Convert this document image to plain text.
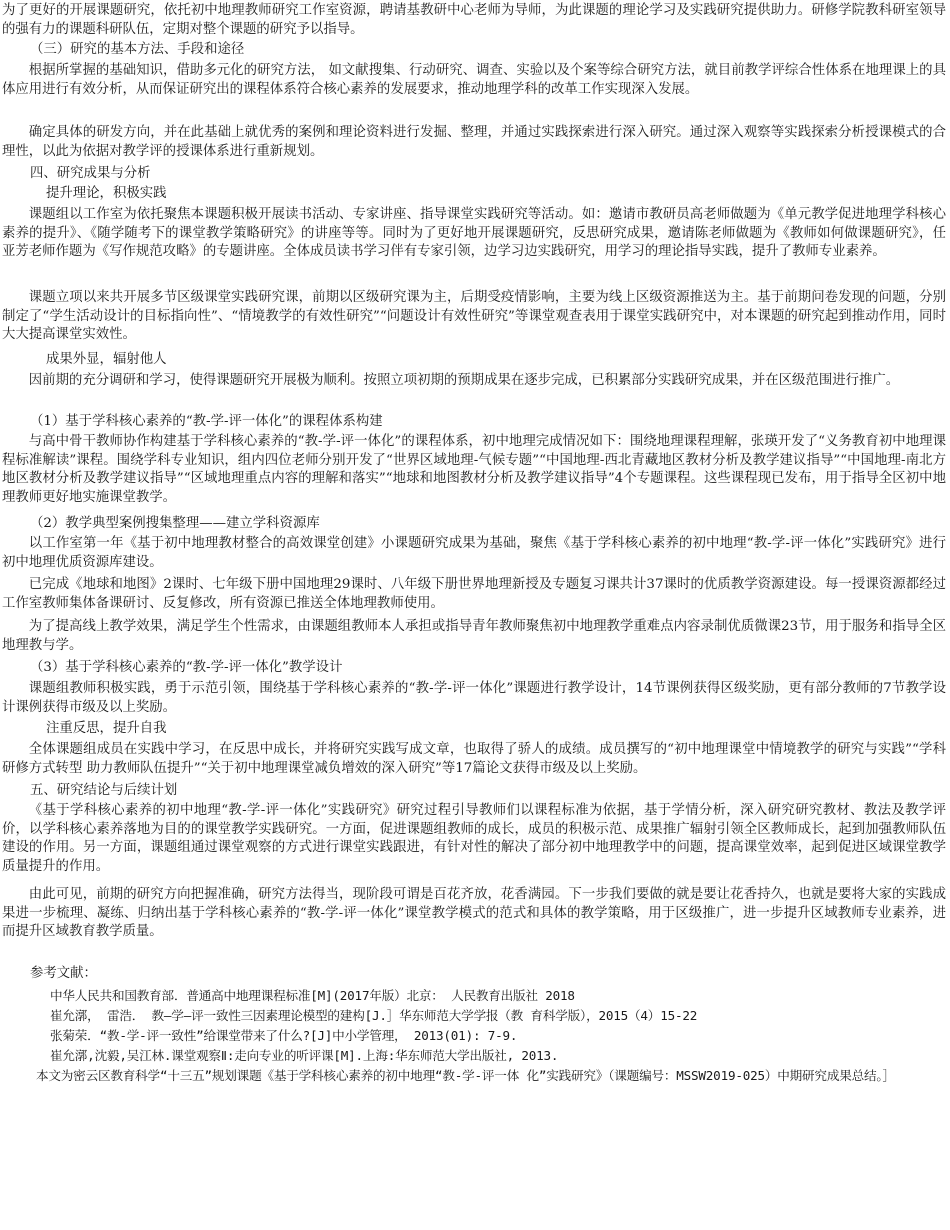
为了更好的开展课题研究，依托初中地理教师研究工作室资源，聘请基教研中心老师为导师，为此课题的理论学习及实践研究提供助力。研修学院教科研室领导的强有力的课题科研队伍，定期对整个课题的研究予以指导。

（三）研究的基本方法、手段和途径

根据所掌握的基础知识，借助多元化的研究方法， 如文献搜集、行动研究、调查、实验以及个案等综合研究方法，就目前教学评综合性体系在地理课上的具体应用进行有效分析，从而保证研究出的课程体系符合核心素养的发展要求，推动地理学科的改革工作实现深入发展。

确定具体的研发方向，并在此基础上就优秀的案例和理论资料进行发掘、整理，并通过实践探索进行深入研究。通过深入观察等实践探索分析授课模式的合理性，以此为依据对教学评的授课体系进行重新规划。

四、研究成果与分析

提升理论，积极实践

课题组以工作室为依托聚焦本课题积极开展读书活动、专家讲座、指导课堂实践研究等活动。如：邀请市教研员高老师做题为《单元教学促进地理学科核心素养的提升》、《随学随考下的课堂教学策略研究》的讲座等等。同时为了更好地开展课题研究，反思研究成果，邀请陈老师做题为《教师如何做课题研究》，任亚芳老师作题为《写作规范攻略》的专题讲座。全体成员读书学习伴有专家引领，边学习边实践研究，用学习的理论指导实践，提升了教师专业素养。

课题立项以来共开展多节区级课堂实践研究课，前期以区级研究课为主，后期受疫情影响，主要为线上区级资源推送为主。基于前期问卷发现的问题，分别制定了“学生活动设计的目标指向性”、“情境教学的有效性研究”“问题设计有效性研究”等课堂观查表用于课堂实践研究中，对本课题的研究起到推动作用，同时大大提高课堂实效性。

成果外显，辐射他人

因前期的充分调研和学习，使得课题研究开展极为顺利。按照立项初期的预期成果在逐步完成，已积累部分实践研究成果，并在区级范围进行推广。

（1）基于学科核心素养的“教-学-评一体化”的课程体系构建

与高中骨干教师协作构建基于学科核心素养的“教-学-评一体化”的课程体系，初中地理完成情况如下：围绕地理课程理解，张瑛开发了“义务教育初中地理课程标准解读”课程。围绕学科专业知识，组内四位老师分别开发了“世界区域地理-气候专题”“中国地理-西北青藏地区教材分析及教学建议指导”“中国地理-南北方地区教材分析及教学建议指导”“区域地理重点内容的理解和落实”“地球和地图教材分析及教学建议指导”4个专题课程。这些课程现已发布，用于指导全区初中地理教师更好地实施课堂教学。

（2）教学典型案例搜集整理——建立学科资源库

以工作室第一年《基于初中地理教材整合的高效课堂创建》小课题研究成果为基础，聚焦《基于学科核心素养的初中地理“教-学-评一体化”实践研究》进行初中地理优质资源库建设。

已完成《地球和地图》2课时、七年级下册中国地理29课时、八年级下册世界地理新授及专题复习课共计37课时的优质教学资源建设。每一授课资源都经过工作室教师集体备课研讨、反复修改，所有资源已推送全体地理教师使用。

为了提高线上教学效果，满足学生个性需求，由课题组教师本人承担或指导青年教师聚焦初中地理教学重难点内容录制优质微课23节，用于服务和指导全区地理教与学。

（3）基于学科核心素养的“教-学-评一体化”教学设计

课题组教师积极实践，勇于示范引领，围绕基于学科核心素养的“教-学-评一体化”课题进行教学设计，14节课例获得区级奖励，更有部分教师的7节教学设计课例获得市级及以上奖励。

注重反思，提升自我

全体课题组成员在实践中学习，在反思中成长，并将研究实践写成文章，也取得了骄人的成绩。成员撰写的“初中地理课堂中情境教学的研究与实践”“学科研修方式转型 助力教师队伍提升”“关于初中地理课堂减负增效的深入研究”等17篇论文获得市级及以上奖励。

五、研究结论与后续计划

《基于学科核心素养的初中地理“教-学-评一体化”实践研究》研究过程引导教师们以课程标准为依据，基于学情分析，深入研究研究教材、教法及教学评价，以学科核心素养落地为目的的课堂教学实践研究。一方面，促进课题组教师的成长，成员的积极示范、成果推广辐射引领全区教师成长，起到加强教师队伍建设的作用。另一方面，课题组通过课堂观察的方式进行课堂实践跟进，有针对性的解决了部分初中地理教学中的问题，提高课堂效率，起到促进区域课堂教学质量提升的作用。

由此可见，前期的研究方向把握准确，研究方法得当，现阶段可谓是百花齐放，花香满园。下一步我们要做的就是要让花香持久，也就是要将大家的实践成果进一步梳理、凝练、归纳出基于学科核心素养的“教-学-评一体化”课堂教学模式的范式和具体的教学策略，用于区级推广，进一步提升区域教师专业素养，进而提升区域教育教学质量。

参考文献：

中华人民共和国教育部．普通高中地理课程标准[M](2017年版）北京： 人民教育出版社 2018

崔允漷， 雷浩． 教—学—评一致性三因素理论模型的建构[J.］华东师范大学学报（教 育科学版），2015（4）15-22

张菊荣．“教-学-评一致性”给课堂带来了什么?[J]中小学管理， 2013(01): 7-9.

崔允漷,沈毅,吴江林.课堂观察Ⅱ:走向专业的听评课[M].上海:华东师范大学出版社, 2013.

本文为密云区教育科学“十三五”规划课题《基于学科核心素养的初中地理“教-学-评一体 化”实践研究》（课题编号：MSSW2019-025）中期研究成果总结。］
